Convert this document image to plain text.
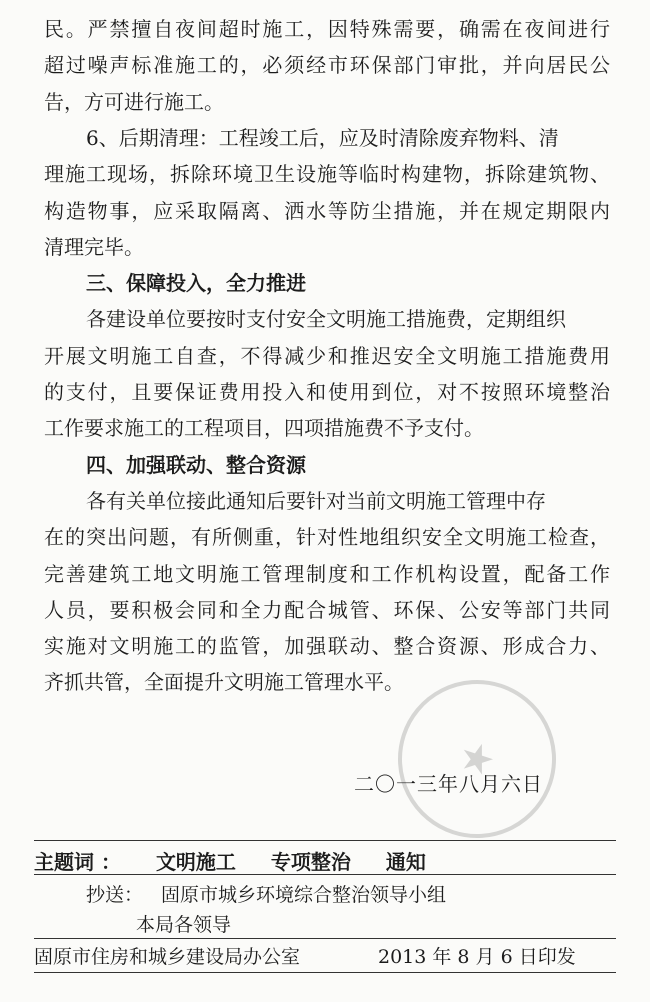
民。严禁擅自夜间超时施工，因特殊需要，确需在夜间进行
超过噪声标准施工的，必须经市环保部门审批，并向居民公
告，方可进行施工。
6、后期清理：工程竣工后，应及时清除废弃物料、清
理施工现场，拆除环境卫生设施等临时构建物，拆除建筑物、
构造物事，应采取隔离、洒水等防尘措施，并在规定期限内
清理完毕。
三、保障投入，全力推进
各建设单位要按时支付安全文明施工措施费，定期组织
开展文明施工自查，不得减少和推迟安全文明施工措施费用
的支付，且要保证费用投入和使用到位，对不按照环境整治
工作要求施工的工程项目，四项措施费不予支付。
四、加强联动、整合资源
各有关单位接此通知后要针对当前文明施工管理中存
在的突出问题，有所侧重，针对性地组织安全文明施工检查，
完善建筑工地文明施工管理制度和工作机构设置，配备工作
人员，要积极会同和全力配合城管、环保、公安等部门共同
实施对文明施工的监管，加强联动、整合资源、形成合力、
齐抓共管，全面提升文明施工管理水平。
★
二〇一三年八月六日
主题词 ： 文明施工 专项整治 通知
抄送： 固原市城乡环境综合整治领导小组
本局各领导
固原市住房和城乡建设局办公室	2013 年 8 月 6 日印发
